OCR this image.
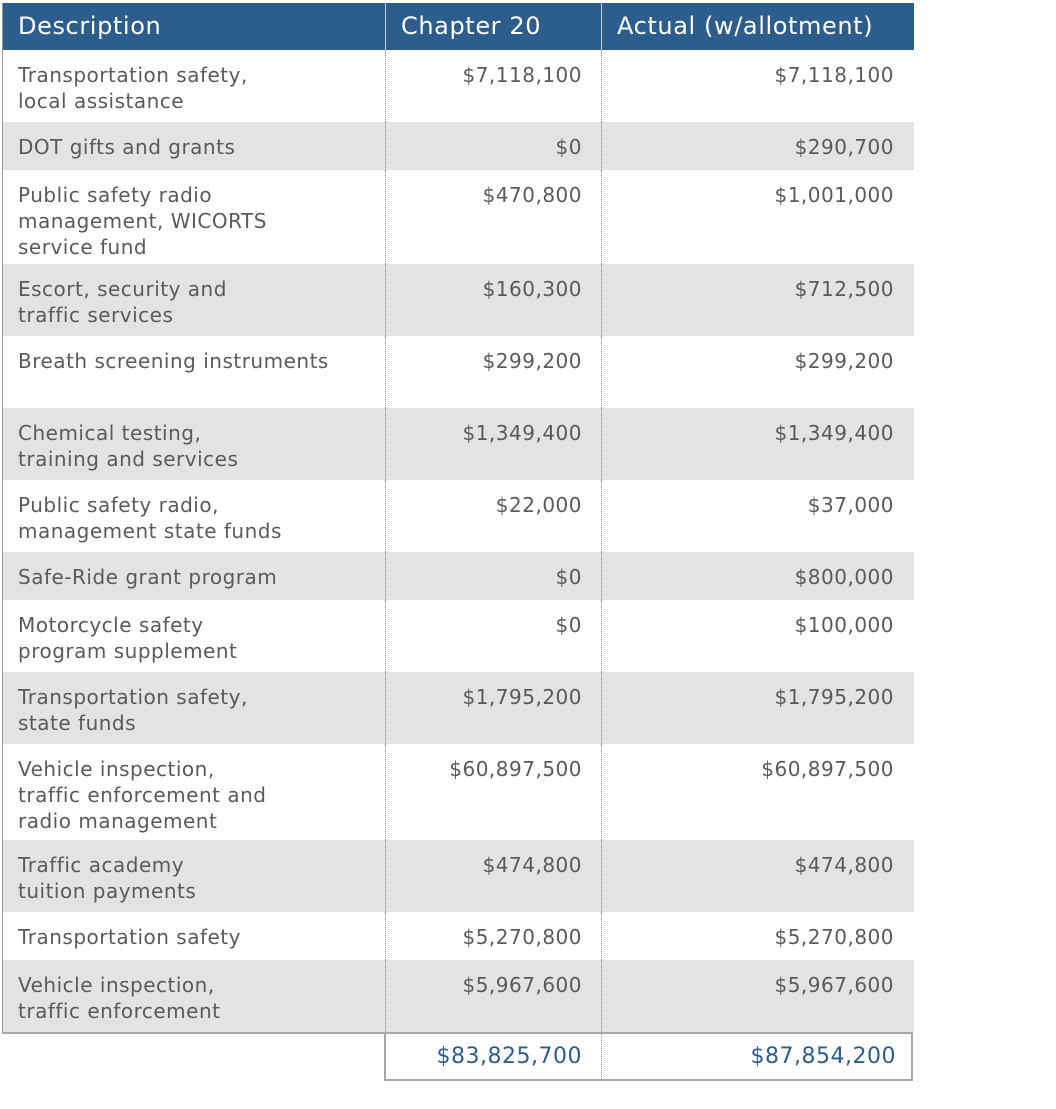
Description	Chapter 20	Actual (w/allotment)
Transportation safety,
local assistance
$7,118,100	$7,118,100
DOT gifts and grants	$0	$290,700
Public safety radio
management, WICORTS
service fund
$470,800	$1,001,000
Escort, security and
traffic services
$160,300	$712,500
Breath screening instruments	$299,200	$299,200
Chemical testing,
training and services
$1,349,400	$1,349,400
Public safety radio,
management state funds
$22,000	$37,000
Safe-Ride grant program	$0	$800,000
Motorcycle safety
program supplement
$0	$100,000
Transportation safety,
state funds
$1,795,200	$1,795,200
Vehicle inspection,
traffic enforcement and
radio management
$60,897,500	$60,897,500
Traffic academy
tuition payments
$474,800	$474,800
Transportation safety	$5,270,800	$5,270,800
Vehicle inspection,
traffic enforcement
$5,967,600	$5,967,600
$83,825,700	$87,854,200
